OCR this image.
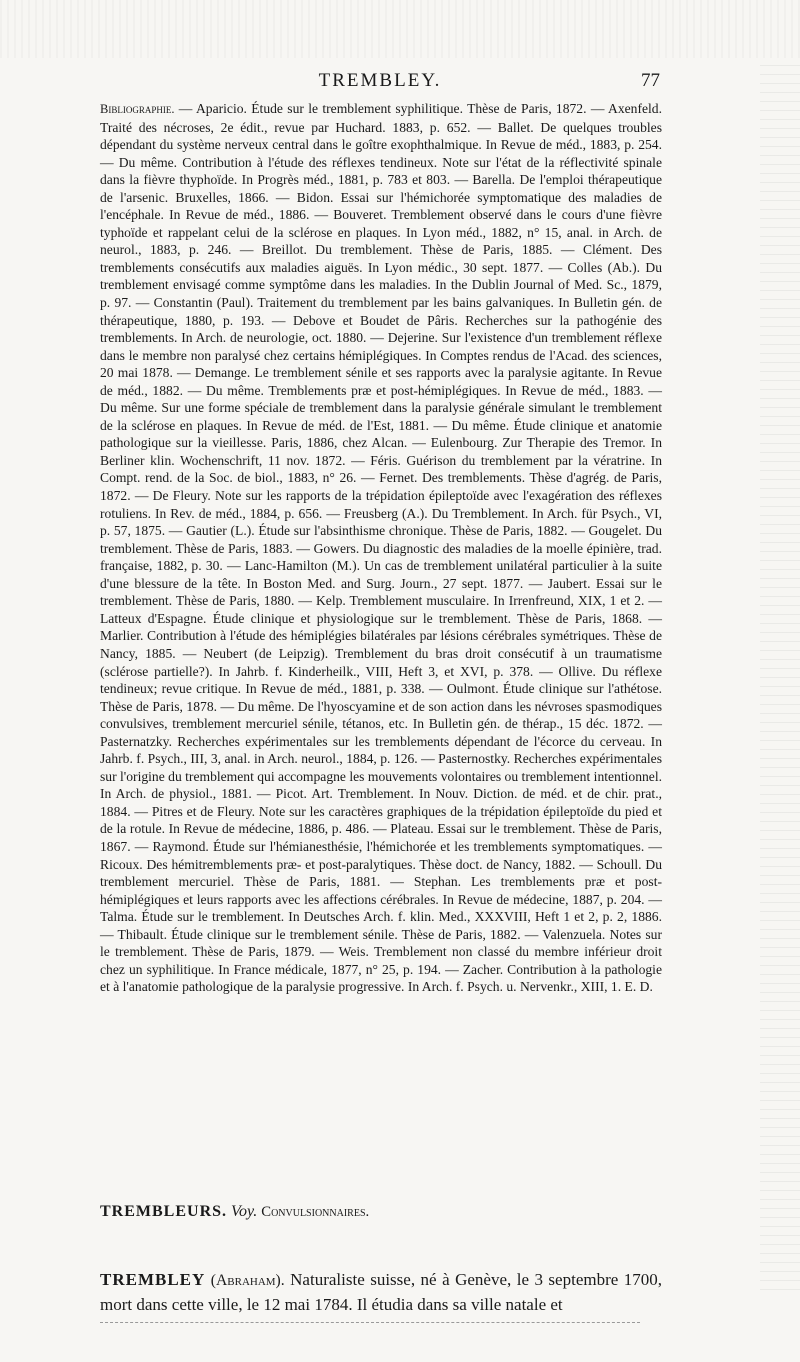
TREMBLEY.	77

Bibliographie. — Aparicio. Étude sur le tremblement syphilitique. Thèse de Paris, 1872. — Axenfeld. Traité des nécroses, 2e édit., revue par Huchard. 1883, p. 652. — Ballet. De quelques troubles dépendant du système nerveux central dans le goître exophthalmique. In Revue de méd., 1883, p. 254. — Du même. Contribution à l'étude des réflexes tendineux. Note sur l'état de la réflectivité spinale dans la fièvre thyphoïde. In Progrès méd., 1881, p. 783 et 803. — Barella. De l'emploi thérapeutique de l'arsenic. Bruxelles, 1866. — Bidon. Essai sur l'hémichorée symptomatique des maladies de l'encéphale. In Revue de méd., 1886. — Bouveret. Tremblement observé dans le cours d'une fièvre typhoïde et rappelant celui de la sclérose en plaques. In Lyon méd., 1882, n° 15, anal. in Arch. de neurol., 1883, p. 246. — Breillot. Du tremblement. Thèse de Paris, 1885. — Clément. Des tremblements consécutifs aux maladies aiguës. In Lyon médic., 30 sept. 1877. — Colles (Ab.). Du tremblement envisagé comme symptôme dans les maladies. In the Dublin Journal of Med. Sc., 1879, p. 97. — Constantin (Paul). Traitement du tremblement par les bains galvaniques. In Bulletin gén. de thérapeutique, 1880, p. 193. — Debove et Boudet de Pâris. Recherches sur la pathogénie des tremblements. In Arch. de neurologie, oct. 1880. — Dejerine. Sur l'existence d'un tremblement réflexe dans le membre non paralysé chez certains hémiplégiques. In Comptes rendus de l'Acad. des sciences, 20 mai 1878. — Demange. Le tremblement sénile et ses rapports avec la paralysie agitante. In Revue de méd., 1882. — Du même. Tremblements præ et post-hémiplégiques. In Revue de méd., 1883. — Du même. Sur une forme spéciale de tremblement dans la paralysie générale simulant le tremblement de la sclérose en plaques. In Revue de méd. de l'Est, 1881. — Du même. Étude clinique et anatomie pathologique sur la vieillesse. Paris, 1886, chez Alcan. — Eulenbourg. Zur Therapie des Tremor. In Berliner klin. Wochenschrift, 11 nov. 1872. — Féris. Guérison du tremblement par la vératrine. In Compt. rend. de la Soc. de biol., 1883, n° 26. — Fernet. Des tremblements. Thèse d'agrég. de Paris, 1872. — De Fleury. Note sur les rapports de la trépidation épileptoïde avec l'exagération des réflexes rotuliens. In Rev. de méd., 1884, p. 656. — Freusberg (A.). Du Tremblement. In Arch. für Psych., VI, p. 57, 1875. — Gautier (L.). Étude sur l'absinthisme chronique. Thèse de Paris, 1882. — Gougelet. Du tremblement. Thèse de Paris, 1883. — Gowers. Du diagnostic des maladies de la moelle épinière, trad. française, 1882, p. 30. — Lanc-Hamilton (M.). Un cas de tremblement unilatéral particulier à la suite d'une blessure de la tête. In Boston Med. and Surg. Journ., 27 sept. 1877. — Jaubert. Essai sur le tremblement. Thèse de Paris, 1880. — Kelp. Tremblement musculaire. In Irrenfreund, XIX, 1 et 2. — Latteux d'Espagne. Étude clinique et physiologique sur le tremblement. Thèse de Paris, 1868. — Marlier. Contribution à l'étude des hémiplégies bilatérales par lésions cérébrales symétriques. Thèse de Nancy, 1885. — Neubert (de Leipzig). Tremblement du bras droit consécutif à un traumatisme (sclérose partielle?). In Jahrb. f. Kinderheilk., VIII, Heft 3, et XVI, p. 378. — Ollive. Du réflexe tendineux; revue critique. In Revue de méd., 1881, p. 338. — Oulmont. Étude clinique sur l'athétose. Thèse de Paris, 1878. — Du même. De l'hyoscyamine et de son action dans les névroses spasmodiques convulsives, tremblement mercuriel sénile, tétanos, etc. In Bulletin gén. de thérap., 15 déc. 1872. — Pasternatzky. Recherches expérimentales sur les tremblements dépendant de l'écorce du cerveau. In Jahrb. f. Psych., III, 3, anal. in Arch. neurol., 1884, p. 126. — Pasternostky. Recherches expérimentales sur l'origine du tremblement qui accompagne les mouvements volontaires ou tremblement intentionnel. In Arch. de physiol., 1881. — Picot. Art. Tremblement. In Nouv. Diction. de méd. et de chir. prat., 1884. — Pitres et de Fleury. Note sur les caractères graphiques de la trépidation épileptoïde du pied et de la rotule. In Revue de médecine, 1886, p. 486. — Plateau. Essai sur le tremblement. Thèse de Paris, 1867. — Raymond. Étude sur l'hémianesthésie, l'hémichorée et les tremblements symptomatiques. — Ricoux. Des hémitremblements præ- et post-paralytiques. Thèse doct. de Nancy, 1882. — Schoull. Du tremblement mercuriel. Thèse de Paris, 1881. — Stephan. Les tremblements præ et post-hémiplégiques et leurs rapports avec les affections cérébrales. In Revue de médecine, 1887, p. 204. — Talma. Étude sur le tremblement. In Deutsches Arch. f. klin. Med., XXXVIII, Heft 1 et 2, p. 2, 1886. — Thibault. Étude clinique sur le tremblement sénile. Thèse de Paris, 1882. — Valenzuela. Notes sur le tremblement. Thèse de Paris, 1879. — Weis. Tremblement non classé du membre inférieur droit chez un syphilitique. In France médicale, 1877, n° 25, p. 194. — Zacher. Contribution à la pathologie et à l'anatomie pathologique de la paralysie progressive. In Arch. f. Psych. u. Nervenkr., XIII, 1. E. D.

TREMBLEURS. Voy. Convulsionnaires.
TREMBLEY (Abraham). Naturaliste suisse, né à Genève, le 3 septembre 1700, mort dans cette ville, le 12 mai 1784. Il étudia dans sa ville natale et
